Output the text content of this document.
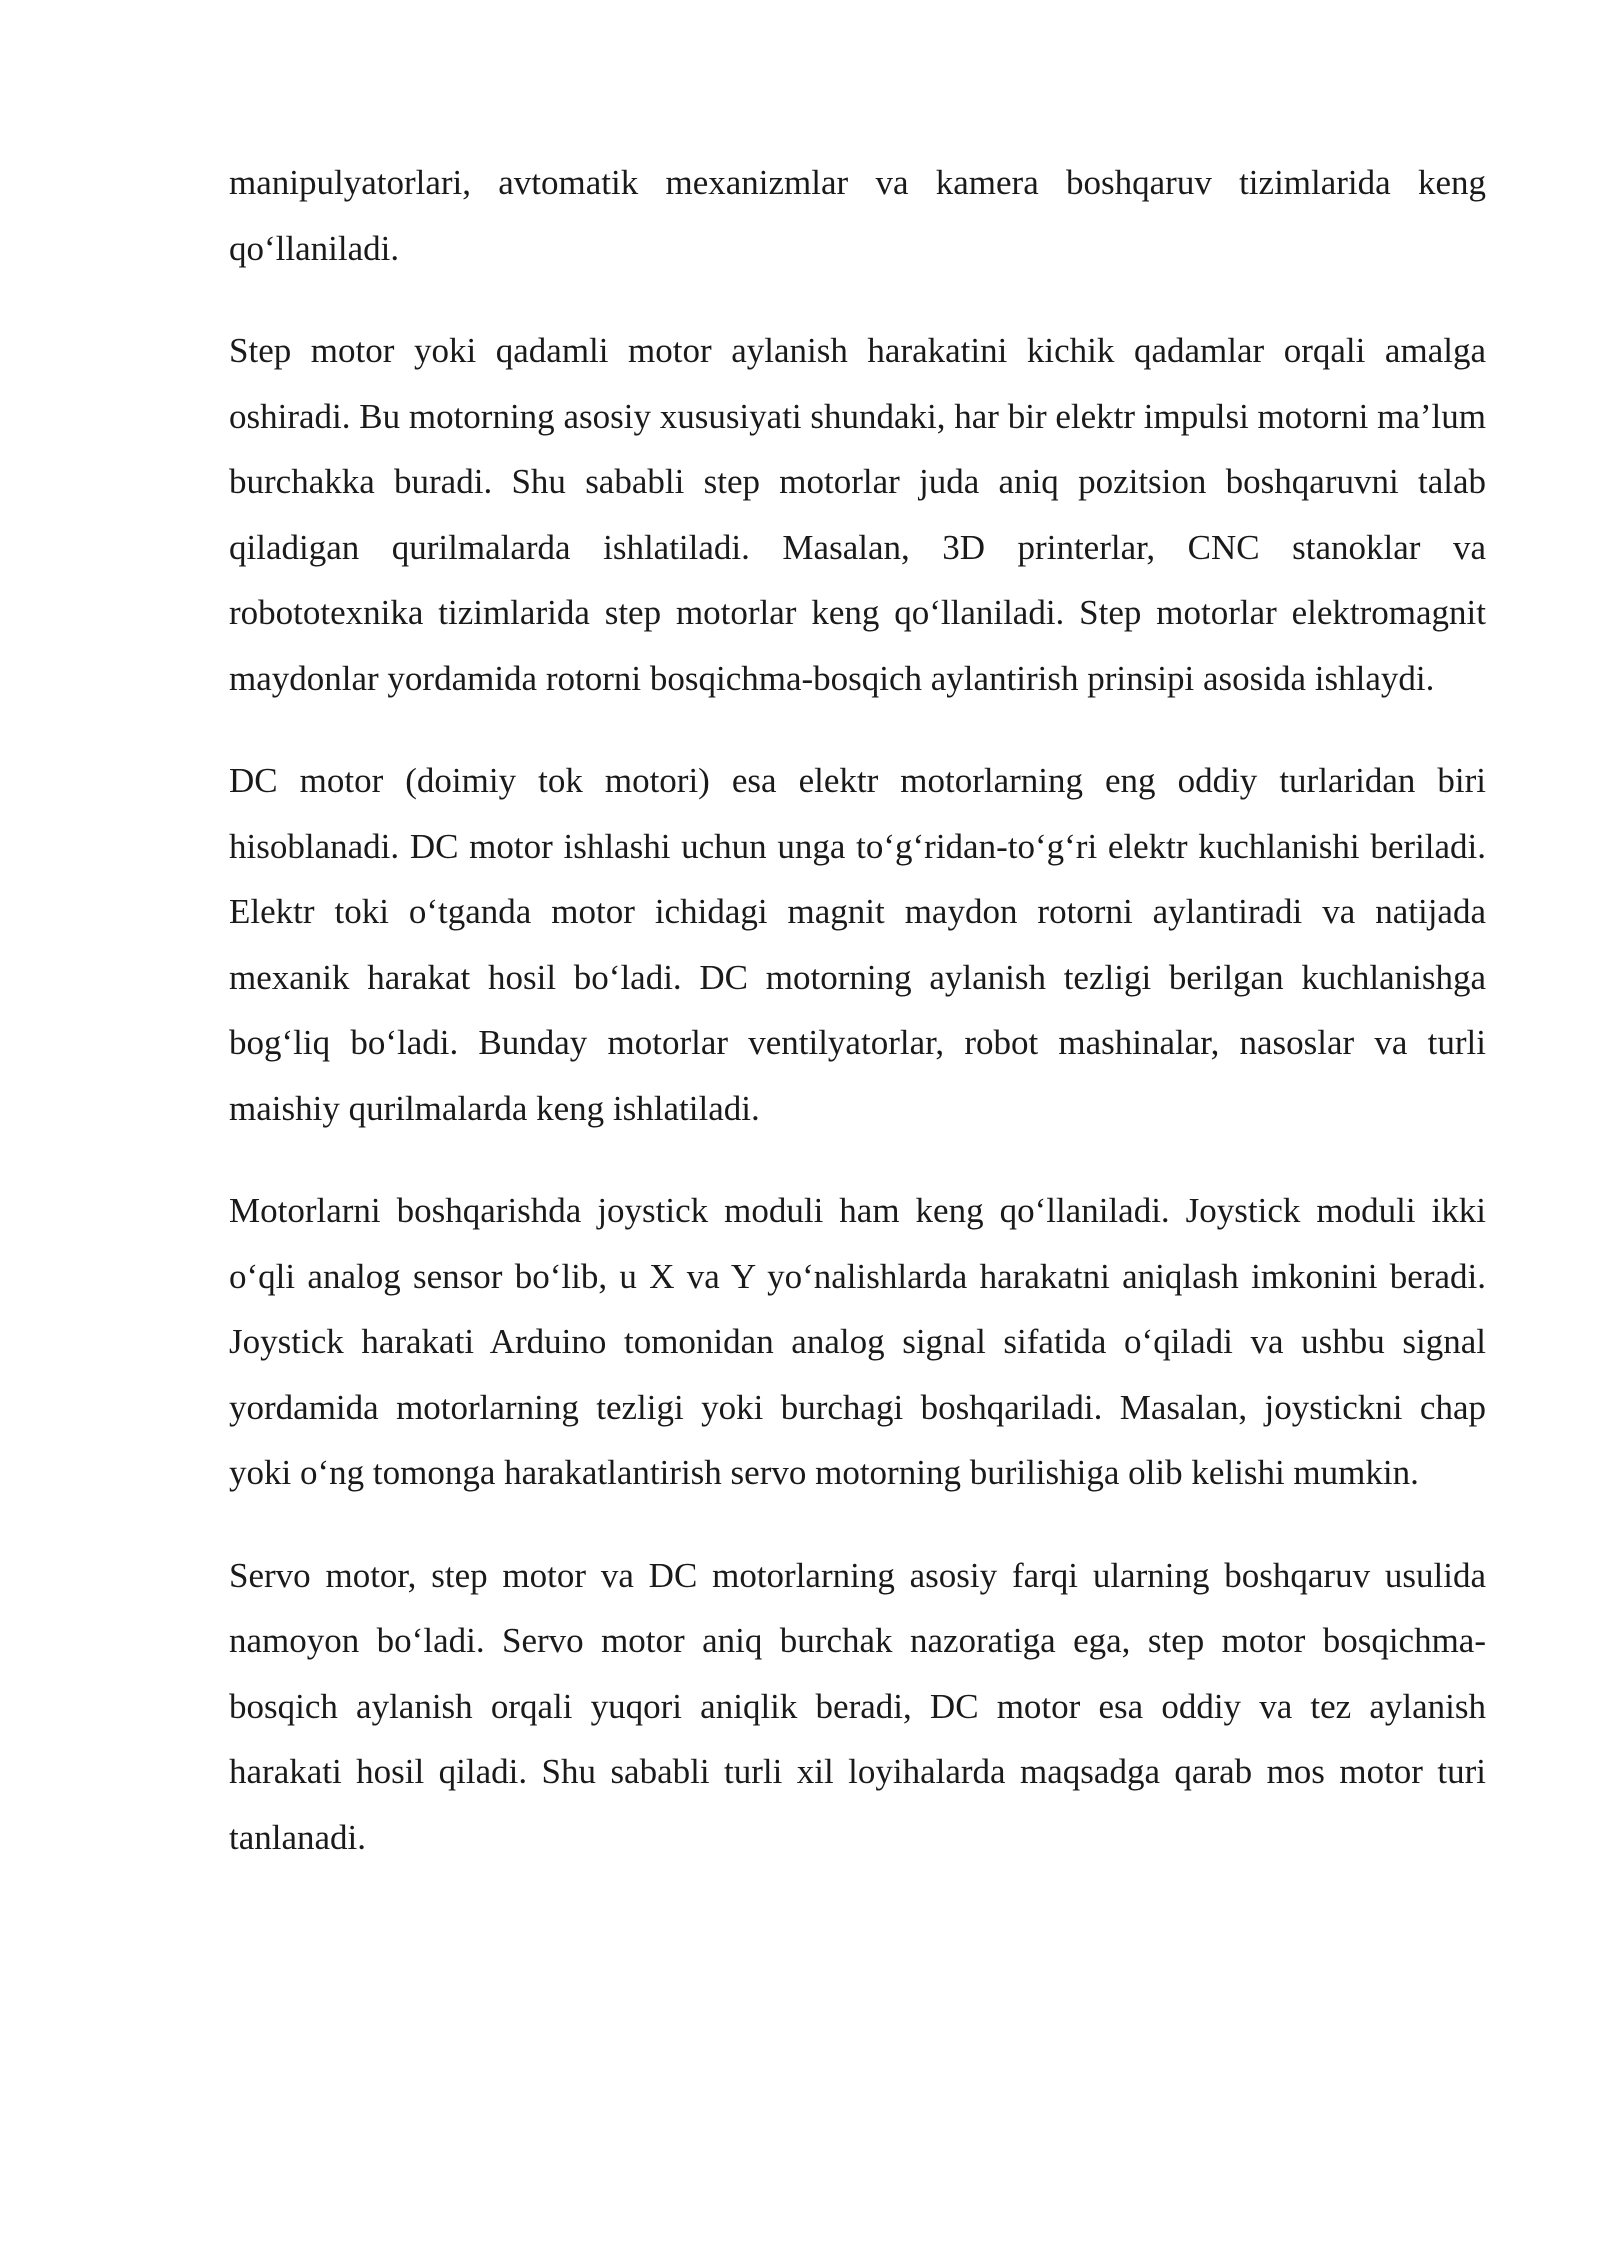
manipulyatorlari, avtomatik mexanizmlar va kamera boshqaruv tizimlarida keng qo‘llaniladi.

Step motor yoki qadamli motor aylanish harakatini kichik qadamlar orqali amalga oshiradi. Bu motorning asosiy xususiyati shundaki, har bir elektr impulsi motorni ma’lum burchakka buradi. Shu sababli step motorlar juda aniq pozitsion boshqaruvni talab qiladigan qurilmalarda ishlatiladi. Masalan, 3D printerlar, CNC stanoklar va robototexnika tizimlarida step motorlar keng qo‘llaniladi. Step motorlar elektromagnit maydonlar yordamida rotorni bosqichma-bosqich aylantirish prinsipi asosida ishlaydi.

DC motor (doimiy tok motori) esa elektr motorlarning eng oddiy turlaridan biri hisoblanadi. DC motor ishlashi uchun unga to‘g‘ridan-to‘g‘ri elektr kuchlanishi beriladi. Elektr toki o‘tganda motor ichidagi magnit maydon rotorni aylantiradi va natijada mexanik harakat hosil bo‘ladi. DC motorning aylanish tezligi berilgan kuchlanishga bog‘liq bo‘ladi. Bunday motorlar ventilyatorlar, robot mashinalar, nasoslar va turli maishiy qurilmalarda keng ishlatiladi.

Motorlarni boshqarishda joystick moduli ham keng qo‘llaniladi. Joystick moduli ikki o‘qli analog sensor bo‘lib, u X va Y yo‘nalishlarda harakatni aniqlash imkonini beradi. Joystick harakati Arduino tomonidan analog signal sifatida o‘qiladi va ushbu signal yordamida motorlarning tezligi yoki burchagi boshqariladi. Masalan, joystickni chap yoki o‘ng tomonga harakatlantirish servo motorning burilishiga olib kelishi mumkin.

Servo motor, step motor va DC motorlarning asosiy farqi ularning boshqaruv usulida namoyon bo‘ladi. Servo motor aniq burchak nazoratiga ega, step motor bosqichma-bosqich aylanish orqali yuqori aniqlik beradi, DC motor esa oddiy va tez aylanish harakati hosil qiladi. Shu sababli turli xil loyihalarda maqsadga qarab mos motor turi tanlanadi.
